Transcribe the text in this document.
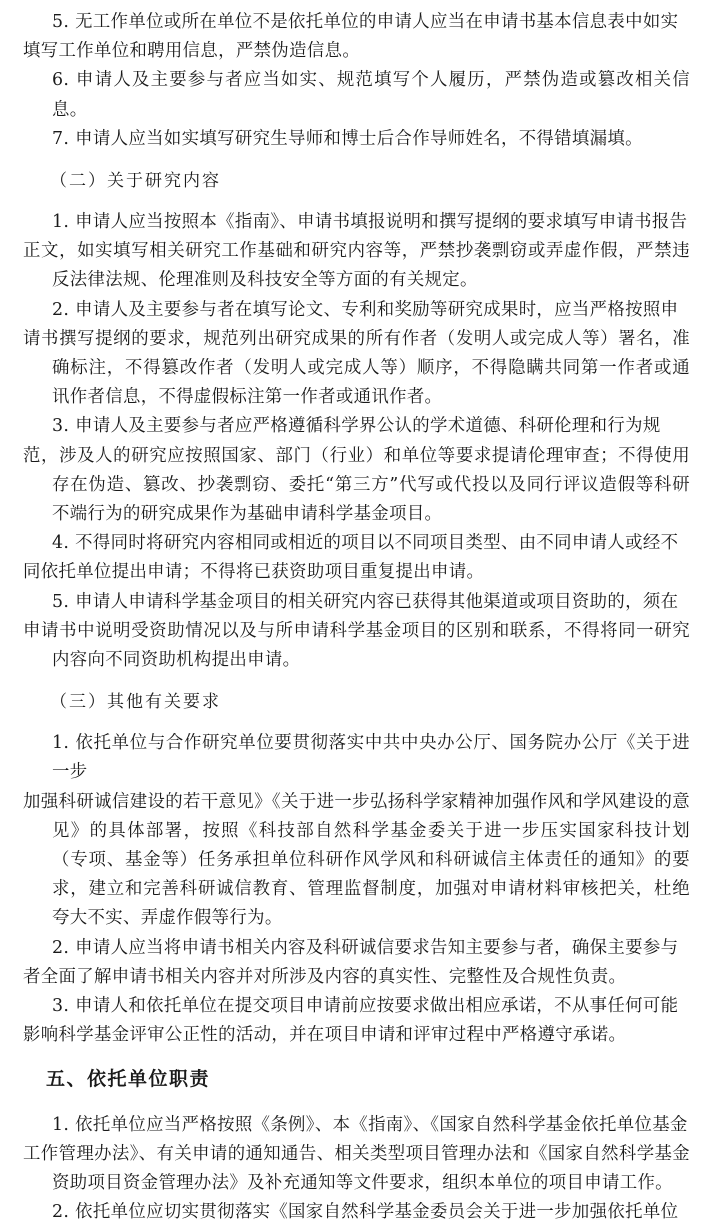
5. 无工作单位或所在单位不是依托单位的申请人应当在申请书基本信息表中如实
填写工作单位和聘用信息，严禁伪造信息。

6. 申请人及主要参与者应当如实、规范填写个人履历，严禁伪造或篡改相关信息。

7. 申请人应当如实填写研究生导师和博士后合作导师姓名，不得错填漏填。

（二）关于研究内容

1. 申请人应当按照本《指南》、申请书填报说明和撰写提纲的要求填写申请书报告
正文，如实填写相关研究工作基础和研究内容等，严禁抄袭剽窃或弄虚作假，严禁违反法律法规、伦理准则及科技安全等方面的有关规定。

2. 申请人及主要参与者在填写论文、专利和奖励等研究成果时，应当严格按照申
请书撰写提纲的要求，规范列出研究成果的所有作者（发明人或完成人等）署名，准确标注，不得篡改作者（发明人或完成人等）顺序，不得隐瞒共同第一作者或通讯作者信息，不得虚假标注第一作者或通讯作者。

3. 申请人及主要参与者应严格遵循科学界公认的学术道德、科研伦理和行为规
范，涉及人的研究应按照国家、部门（行业）和单位等要求提请伦理审查；不得使用存在伪造、篡改、抄袭剽窃、委托“第三方”代写或代投以及同行评议造假等科研不端行为的研究成果作为基础申请科学基金项目。

4. 不得同时将研究内容相同或相近的项目以不同项目类型、由不同申请人或经不
同依托单位提出申请；不得将已获资助项目重复提出申请。

5. 申请人申请科学基金项目的相关研究内容已获得其他渠道或项目资助的，须在
申请书中说明受资助情况以及与所申请科学基金项目的区别和联系，不得将同一研究内容向不同资助机构提出申请。

（三）其他有关要求

1. 依托单位与合作研究单位要贯彻落实中共中央办公厅、国务院办公厅《关于进一步
加强科研诚信建设的若干意见》《关于进一步弘扬科学家精神加强作风和学风建设的意见》的具体部署，按照《科技部自然科学基金委关于进一步压实国家科技计划（专项、基金等）任务承担单位科研作风学风和科研诚信主体责任的通知》的要求，建立和完善科研诚信教育、管理监督制度，加强对申请材料审核把关，杜绝夸大不实、弄虚作假等行为。

2. 申请人应当将申请书相关内容及科研诚信要求告知主要参与者，确保主要参与
者全面了解申请书相关内容并对所涉及内容的真实性、完整性及合规性负责。

3. 申请人和依托单位在提交项目申请前应按要求做出相应承诺，不从事任何可能
影响科学基金评审公正性的活动，并在项目申请和评审过程中严格遵守承诺。

五、依托单位职责

1. 依托单位应当严格按照《条例》、本《指南》、《国家自然科学基金依托单位基金
工作管理办法》、有关申请的通知通告、相关类型项目管理办法和《国家自然科学基金资助项目资金管理办法》及补充通知等文件要求，组织本单位的项目申请工作。

2. 依托单位应切实贯彻落实《国家自然科学基金委员会关于进一步加强依托单位
